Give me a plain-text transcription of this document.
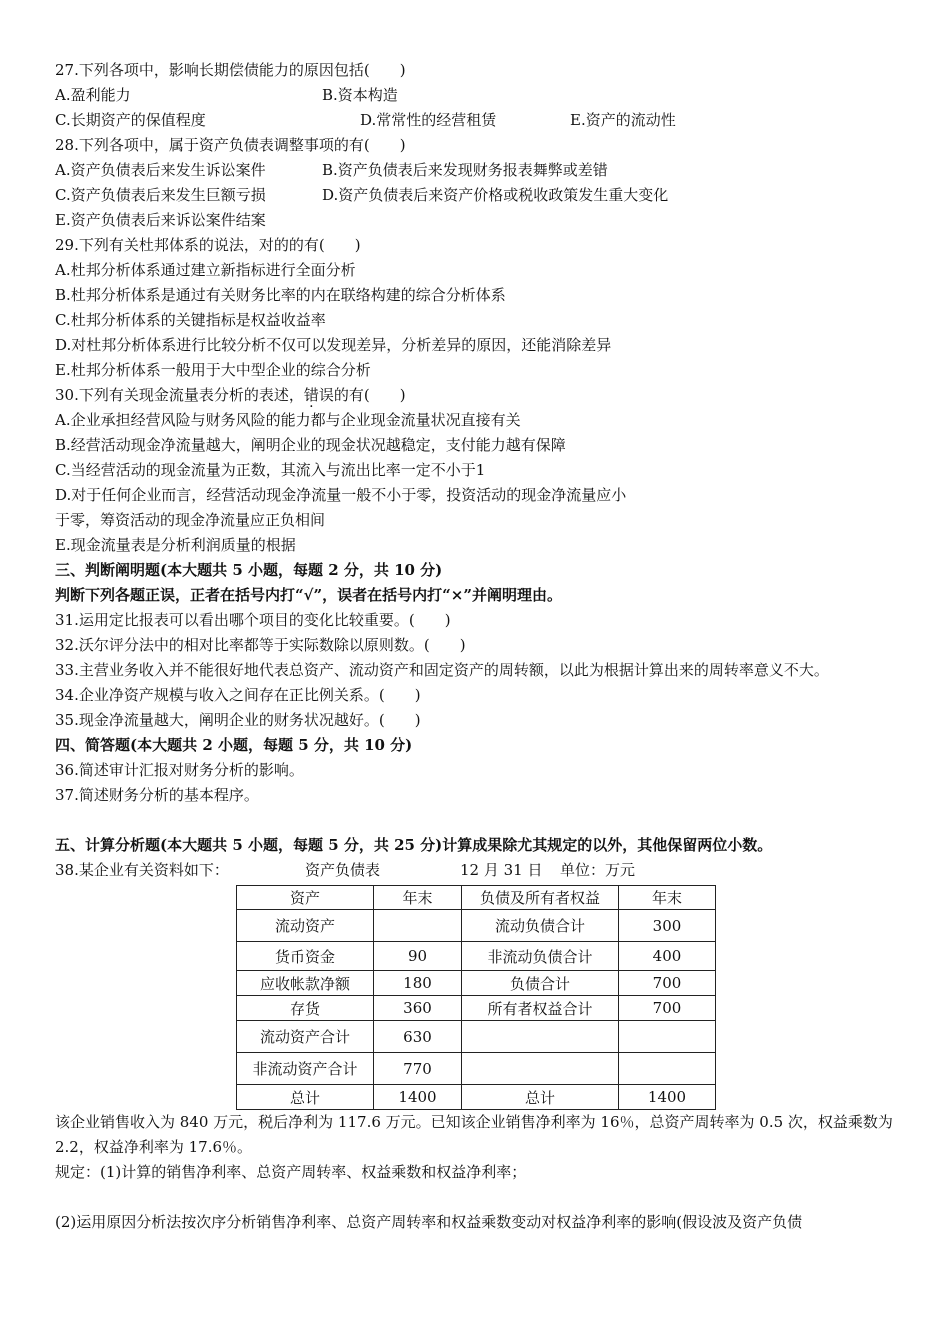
27.下列各项中，影响长期偿债能力的原因包括(　　)
A.盈利能力	B.资本构造
C.长期资产的保值程度	D.常常性的经营租赁	E.资产的流动性
28.下列各项中，属于资产负债表调整事项的有(　　)
A.资产负债表后来发生诉讼案件	B.资产负债表后来发现财务报表舞弊或差错
C.资产负债表后来发生巨额亏损	D.资产负债表后来资产价格或税收政策发生重大变化
E.资产负债表后来诉讼案件结案
29.下列有关杜邦体系的说法，对的的有(　　)
A.杜邦分析体系通过建立新指标进行全面分析
B.杜邦分析体系是通过有关财务比率的内在联络构建的综合分析体系
C.杜邦分析体系的关键指标是权益收益率
D.对杜邦分析体系进行比较分析不仅可以发现差异，分析差异的原因，还能消除差异
E.杜邦分析体系一般用于大中型企业的综合分析
30.下列有关现金流量表分析的表述，错误的有(　　)
A.企业承担经营风险与财务风险的能力都与企业现金流量状况直接有关
B.经营活动现金净流量越大，阐明企业的现金状况越稳定，支付能力越有保障
C.当经营活动的现金流量为正数，其流入与流出比率一定不小于1
D.对于任何企业而言，经营活动现金净流量一般不小于零，投资活动的现金净流量应小
于零，筹资活动的现金净流量应正负相间
E.现金流量表是分析利润质量的根据
三、判断阐明题(本大题共 5 小题，每题 2 分，共 10 分)
判断下列各题正误，正者在括号内打“√”，误者在括号内打“×”并阐明理由。
31.运用定比报表可以看出哪个项目的变化比较重要。(　　)
32.沃尔评分法中的相对比率都等于实际数除以原则数。(　　)
33.主营业务收入并不能很好地代表总资产、流动资产和固定资产的周转额，以此为根据计算出来的周转率意义不大。
34.企业净资产规模与收入之间存在正比例关系。(　　)
35.现金净流量越大，阐明企业的财务状况越好。(　　)
四、简答题(本大题共 2 小题，每题 5 分，共 10 分)
36.简述审计汇报对财务分析的影响。
37.简述财务分析的基本程序。
五、计算分析题(本大题共 5 小题，每题 5 分，共 25 分)计算成果除尤其规定的以外，其他保留两位小数。
38.某企业有关资料如下：	资产负债表	12 月 31 日 单位：万元
资产	年末	负债及所有者权益	年末
流动资产		流动负债合计	300
货币资金	90	非流动负债合计	400
应收帐款净额	180	负债合计	700
存货	360	所有者权益合计	700
流动资产合计	630		
非流动资产合计	770		
总计	1400	总计	1400
该企业销售收入为 840 万元，税后净利为 117.6 万元。已知该企业销售净利率为 16％，总资产周转率为 0.5 次，权益乘数为 2.2，权益净利率为 17.6％。
规定：(1)计算的销售净利率、总资产周转率、权益乘数和权益净利率；
(2)运用原因分析法按次序分析销售净利率、总资产周转率和权益乘数变动对权益净利率的影响(假设波及资产负债
